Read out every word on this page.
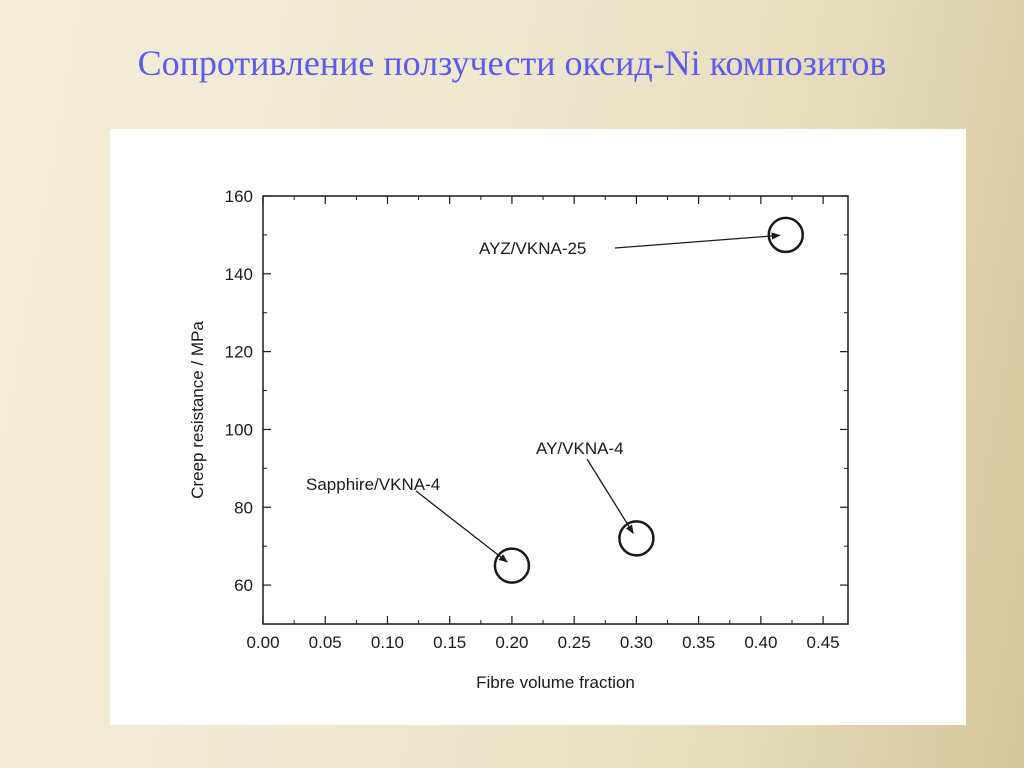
Сопротивление ползучести оксид-Ni композитов
0.00 0.05 0.10 0.15 0.20 0.25 0.30 0.35 0.40 0.45
60
80
100
120
140
160
Fibre volume fraction
Creep resistance / MPa	Sapphire/VKNA-4
AY/VKNA-4
AYZ/VKNA-25
